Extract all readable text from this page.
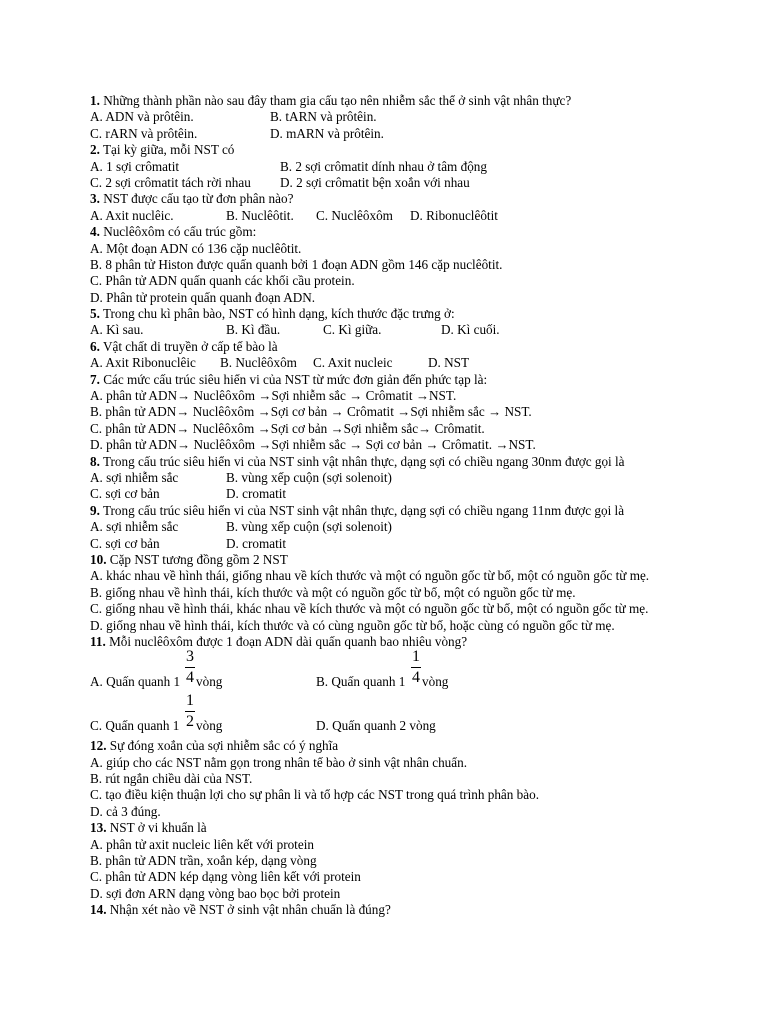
1. Những thành phần nào sau đây tham gia cấu tạo nên nhiễm sắc thể ở sinh vật nhân thực?
A. ADN và prôtêin.	B. tARN và prôtêin.
C. rARN và prôtêin.	D. mARN và prôtêin.
2. Tại kỳ giữa, mỗi NST có
A. 1 sợi crômatit	B. 2 sợi crômatit dính nhau ở tâm động
C. 2 sợi crômatit tách rời nhau D. 2 sợi crômatit bện xoắn với nhau
3. NST được cấu tạo từ đơn phân nào?
A. Axit nuclêic.	B. Nuclêôtit. C. Nuclêôxôm D. Ribonuclêôtit
4. Nuclêôxôm có cấu trúc gồm:
A. Một đoạn ADN có 136 cặp nuclêôtit.
B. 8 phân tử Histon được quấn quanh bởi 1 đoạn ADN gồm 146 cặp nuclêôtit.
C. Phân tử ADN quấn quanh các khối cầu protein.
D. Phân tử protein quấn quanh đoạn ADN.
5. Trong chu kì phân bào, NST có hình dạng, kích thước đặc trưng ở:
A. Kì sau.	B. Kì đầu.	C. Kì giữa.	D. Kì cuối.
6. Vật chất di truyền ở cấp tế bào là
A. Axit Ribonuclêic B. Nuclêôxôm C. Axit nucleic	D. NST
7. Các mức cấu trúc siêu hiển vi của NST từ mức đơn giản đến phức tạp là:
A. phân tử ADN→ Nuclêôxôm →Sợi nhiễm sắc → Crômatit →NST.
B. phân tử ADN→ Nuclêôxôm →Sợi cơ bản → Crômatit →Sợi nhiễm sắc → NST.
C. phân tử ADN→ Nuclêôxôm →Sợi cơ bản →Sợi nhiễm sắc→ Crômatit.
D. phân tử ADN→ Nuclêôxôm →Sợi nhiễm sắc → Sợi cơ bản → Crômatit. →NST.
8. Trong cấu trúc siêu hiển vi của NST sinh vật nhân thực, dạng sợi có chiều ngang 30nm được gọi là
A. sợi nhiễm sắc	B. vùng xếp cuộn (sợi solenoit)
C. sợi cơ bản	D. cromatit
9. Trong cấu trúc siêu hiển vi của NST sinh vật nhân thực, dạng sợi có chiều ngang 11nm được gọi là
A. sợi nhiễm sắc	B. vùng xếp cuộn (sợi solenoit)
C. sợi cơ bản	D. cromatit
10. Cặp NST tương đồng gồm 2 NST
A. khác nhau về hình thái, giống nhau về kích thước và một có nguồn gốc từ bố, một có nguồn gốc từ mẹ.
B. giống nhau về hình thái, kích thước và một có nguồn gốc từ bố, một có nguồn gốc từ mẹ.
C. giống nhau về hình thái, khác nhau về kích thước và một có nguồn gốc từ bố, một có nguồn gốc từ mẹ.
D. giống nhau về hình thái, kích thước và có cùng nguồn gốc từ bố, hoặc cùng có nguồn gốc từ mẹ.
11. Mỗi nuclêôxôm được 1 đoạn ADN dài quấn quanh bao nhiêu vòng?
A. Quấn quanh 1
3
4 vòng	B. Quấn quanh 1
1
4 vòng
C. Quấn quanh 1
1
2 vòng	D. Quấn quanh 2 vòng
12. Sự đóng xoắn của sợi nhiễm sắc có ý nghĩa
A. giúp cho các NST nằm gọn trong nhân tế bào ở sinh vật nhân chuẩn.
B. rút ngắn chiều dài của NST.
C. tạo điều kiện thuận lợi cho sự phân li và tổ hợp các NST trong quá trình phân bào.
D. cả 3 đúng.
13. NST ở vi khuẩn là
A. phân tử axit nucleic liên kết với protein
B. phân tử ADN trần, xoắn kép, dạng vòng
C. phân tử ADN kép dạng vòng liên kết với protein
D. sợi đơn ARN dạng vòng bao bọc bởi protein
14. Nhận xét nào về NST ở sinh vật nhân chuẩn là đúng?
